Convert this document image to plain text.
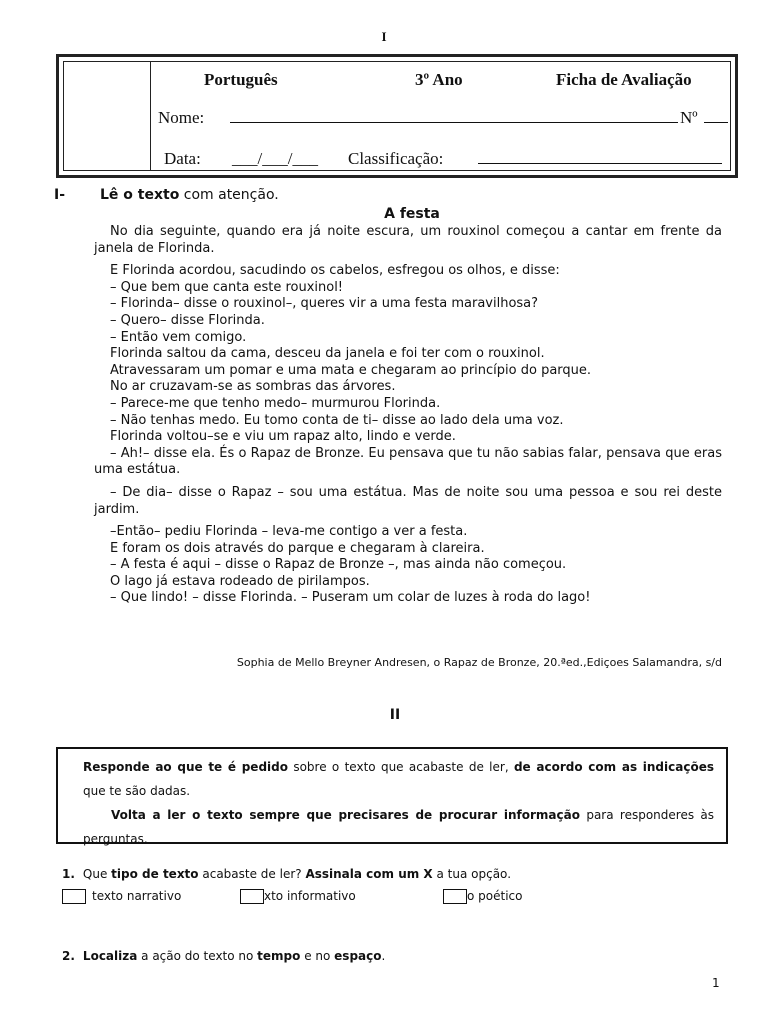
I
Português	3º Ano	Ficha de Avaliação
Nome:	Nº
Data: ___/___/___ Classificação:
I- Lê o texto com atenção.
A festa

No dia seguinte, quando era já noite escura, um rouxinol começou a cantar em frente da janela de Florinda.

E Florinda acordou, sacudindo os cabelos, esfregou os olhos, e disse:

– Que bem que canta este rouxinol!

– Florinda– disse o rouxinol–, queres vir a uma festa maravilhosa?

– Quero– disse Florinda.

– Então vem comigo.

Florinda saltou da cama, desceu da janela e foi ter com o rouxinol.

Atravessaram um pomar e uma mata e chegaram ao princípio do parque.

No ar cruzavam-se as sombras das árvores.

– Parece-me que tenho medo– murmurou Florinda.

– Não tenhas medo. Eu tomo conta de ti– disse ao lado dela uma voz.

Florinda voltou–se e viu um rapaz alto, lindo e verde.

– Ah!– disse ela. És o Rapaz de Bronze. Eu pensava que tu não sabias falar, pensava que eras uma estátua.

– De dia– disse o Rapaz – sou uma estátua. Mas de noite sou uma pessoa e sou rei deste jardim.

–Então– pediu Florinda – leva-me contigo a ver a festa.

E foram os dois através do parque e chegaram à clareira.

– A festa é aqui – disse o Rapaz de Bronze –, mas ainda não começou.

O lago já estava rodeado de pirilampos.

– Que lindo! – disse Florinda. – Puseram um colar de luzes à roda do lago!

Sophia de Mello Breyner Andresen, o Rapaz de Bronze, 20.ªed.,Ediçoes Salamandra, s/d
II

Responde ao que te é pedido sobre o texto que acabaste de ler, de acordo com as indicações que te são dadas.

Volta a ler o texto sempre que precisares de procurar informação para responderes às perguntas.

1. Que tipo de texto acabaste de ler? Assinala com um X a tua opção.
texto narrativo	xto informativo	o poético
2. Localiza a ação do texto no tempo e no espaço.
1
